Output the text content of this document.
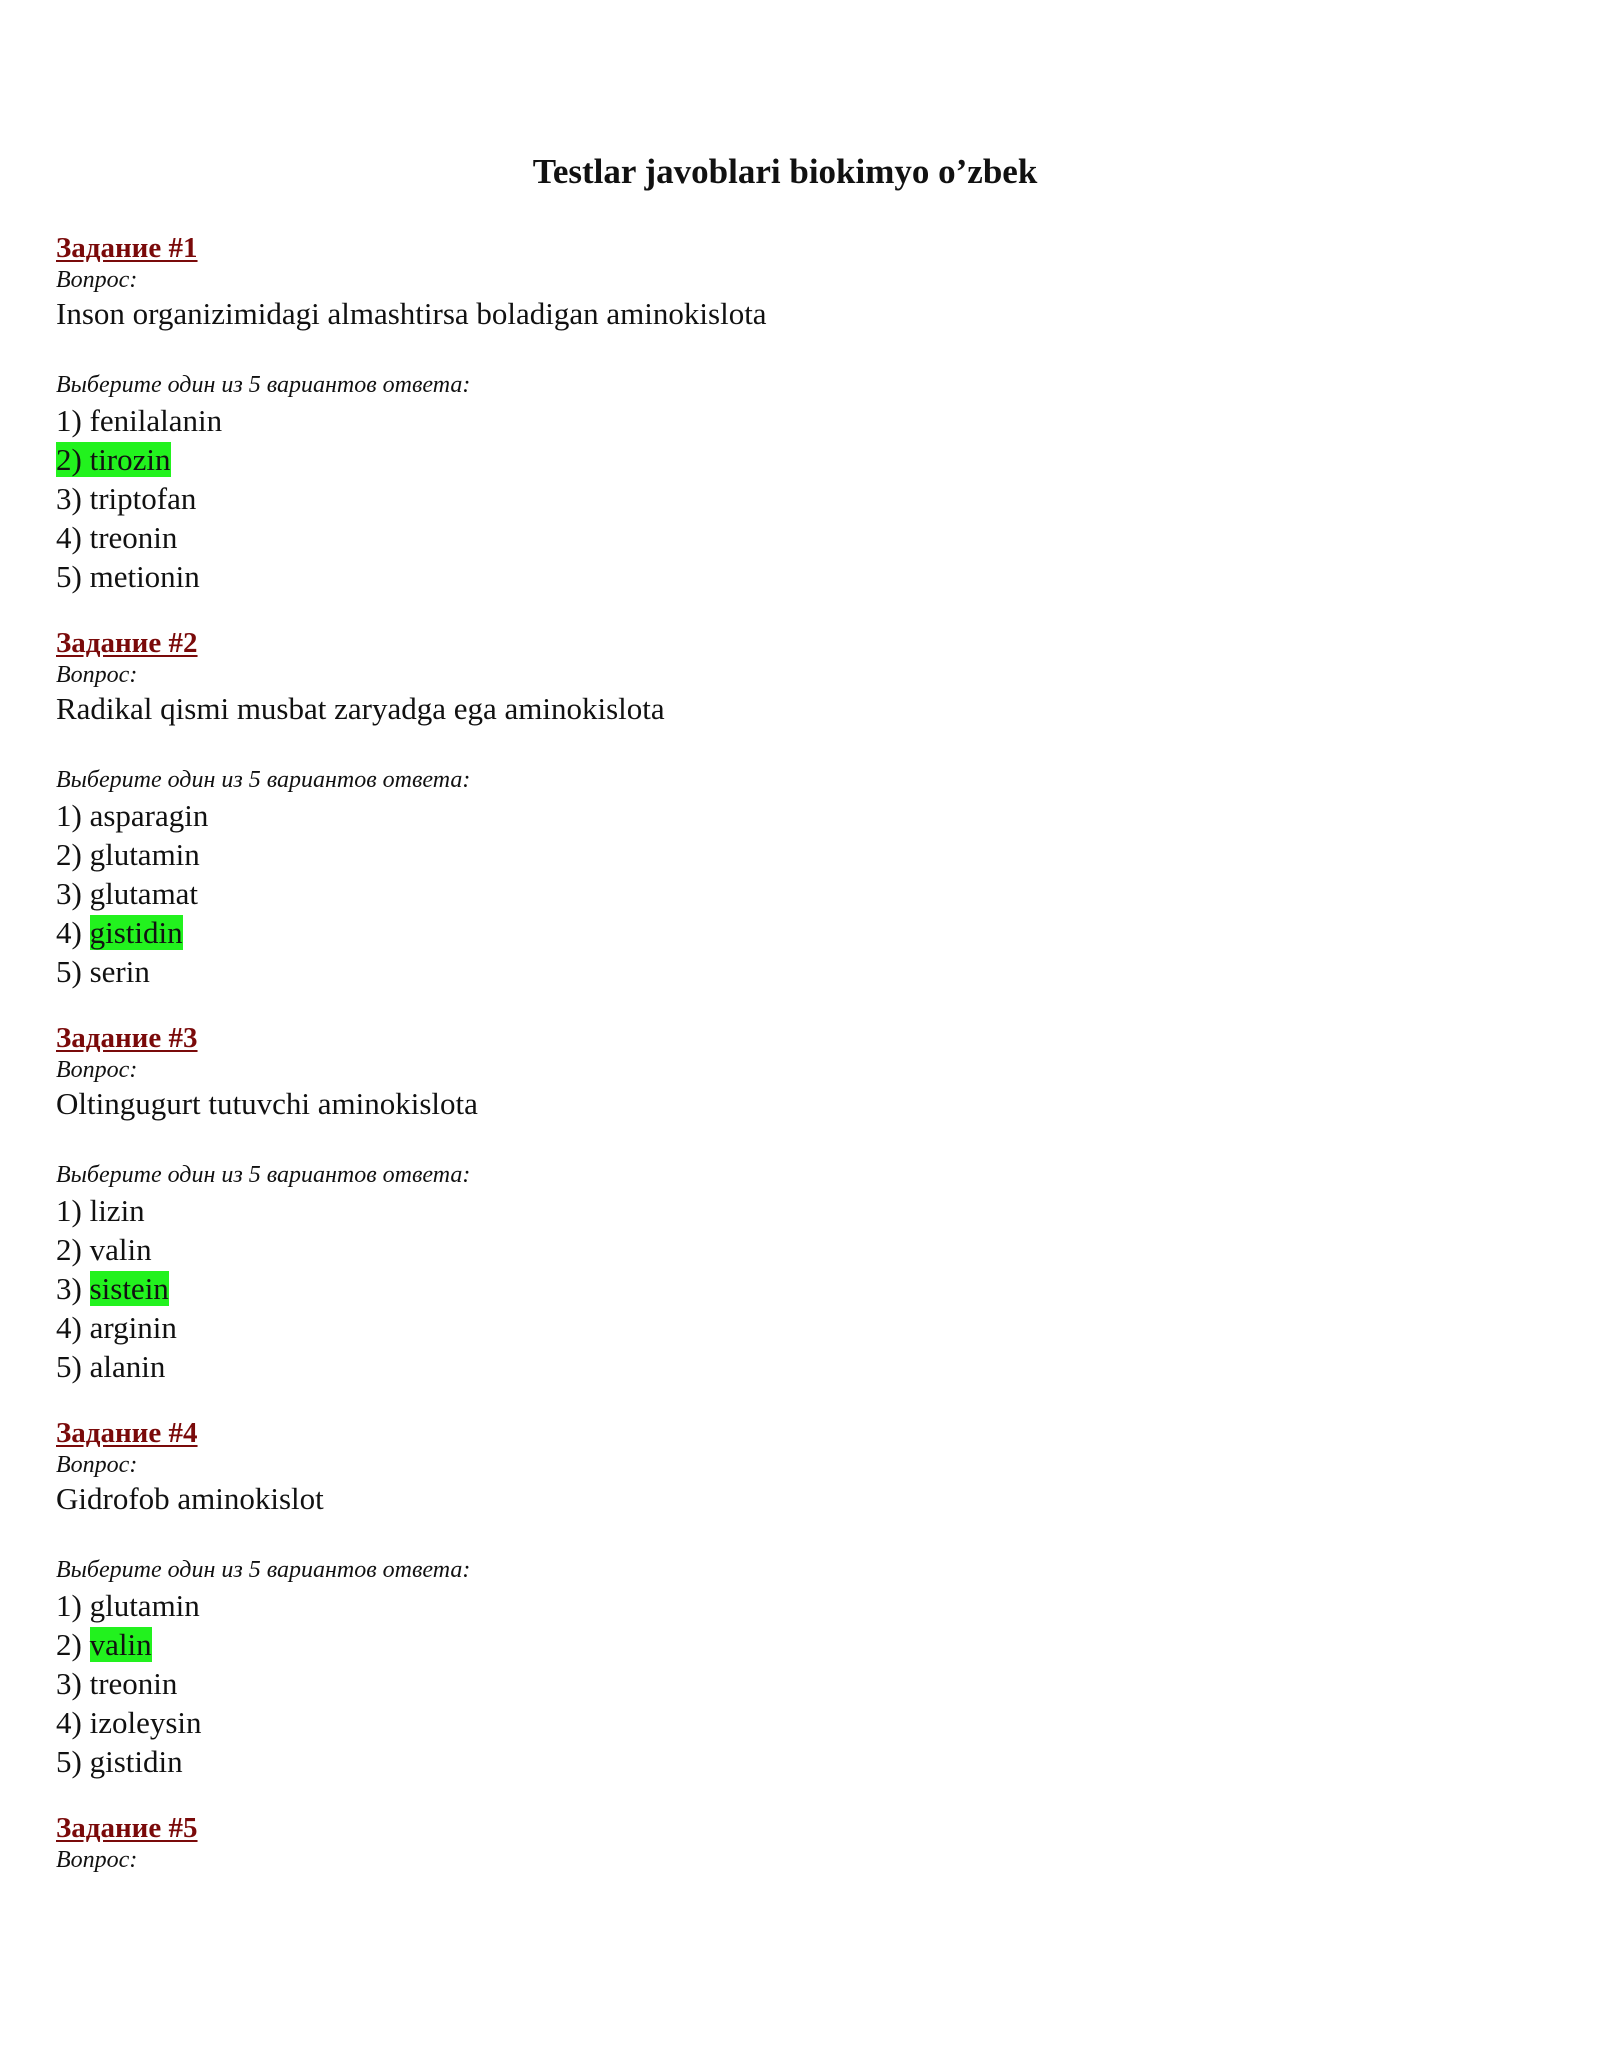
Testlar javoblari biokimyo o’zbek
Задание #1
Вопрос:
Inson organizimidagi almashtirsa boladigan aminokislota
Выберите один из 5 вариантов ответа:
1) fenilalanin
2) tirozin
3) triptofan
4) treonin
5) metionin
Задание #2
Вопрос:
Radikal qismi musbat zaryadga ega aminokislota
Выберите один из 5 вариантов ответа:
1) asparagin
2) glutamin
3) glutamat
4) gistidin
5) serin
Задание #3
Вопрос:
Oltingugurt tutuvchi aminokislota
Выберите один из 5 вариантов ответа:
1) lizin
2) valin
3) sistein
4) arginin
5) alanin
Задание #4
Вопрос:
Gidrofob aminokislot
Выберите один из 5 вариантов ответа:
1) glutamin
2) valin
3) treonin
4) izoleysin
5) gistidin
Задание #5
Вопрос:
